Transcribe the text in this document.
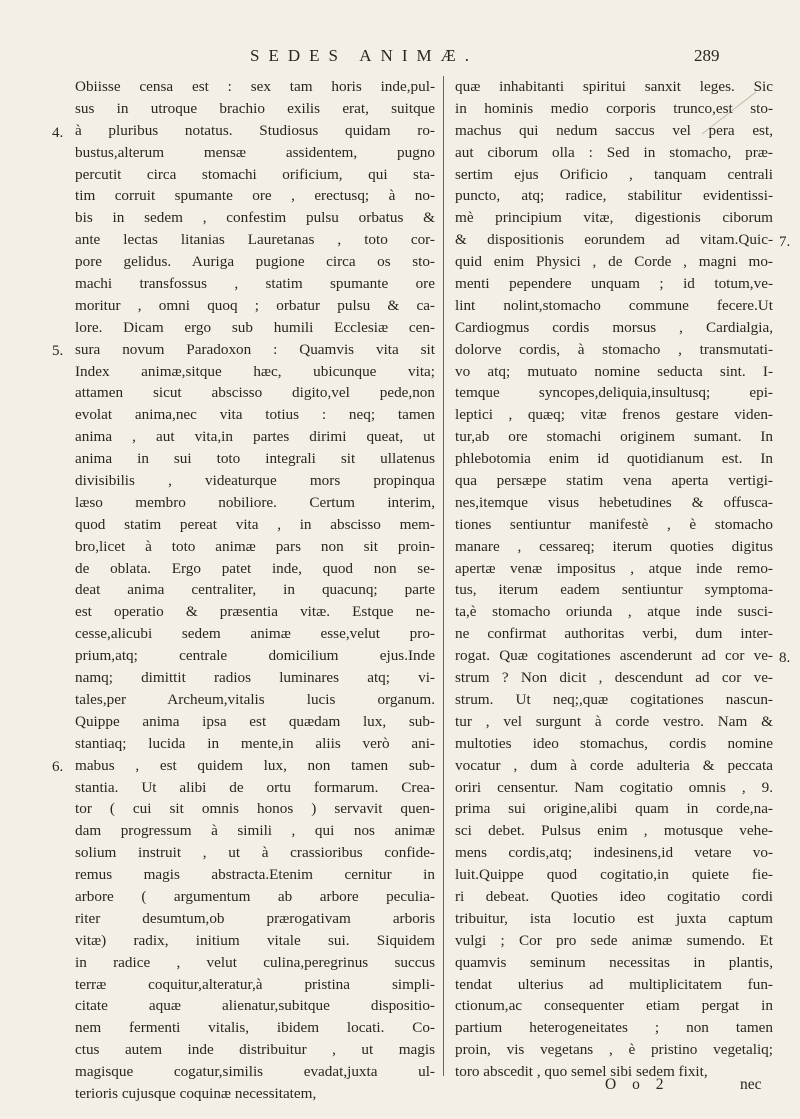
SEDES ANIMÆ.	289
Obiisse censa est : sex tam horis inde,pul-
sus in utroque brachio exilis erat, suitque
à pluribus notatus. Studiosus quidam ro-
bustus,alterum mensæ assidentem, pugno
percutit circa stomachi orificium, qui sta-
tim corruit spumante ore , erectusq; à no-
bis in sedem , confestim pulsu orbatus &
ante lectas litanias Lauretanas , toto cor-
pore gelidus. Auriga pugione circa os sto-
machi transfossus , statim spumante ore
moritur , omni quoq ; orbatur pulsu & ca-
lore. Dicam ergo sub humili Ecclesiæ cen-
sura novum Paradoxon : Quamvis vita sit
Index animæ,sitque hæc, ubicunque vita;
attamen sicut abscisso digito,vel pede,non
evolat anima,nec vita totius : neq; tamen
anima , aut vita,in partes dirimi queat, ut
anima in sui toto integrali sit ullatenus
divisibilis , videaturque mors propinqua
læso membro nobiliore. Certum interim,
quod statim pereat vita , in abscisso mem-
bro,licet à toto animæ pars non sit proin-
de oblata. Ergo patet inde, quod non se-
deat anima centraliter, in quacunq; parte
est operatio & præsentia vitæ. Estque ne-
cesse,alicubi sedem animæ esse,velut pro-
prium,atq; centrale domicilium ejus.Inde
namq; dimittit radios luminares atq; vi-
tales,per Archeum,vitalis lucis organum.
Quippe anima ipsa est quædam lux, sub-
stantiaq; lucida in mente,in aliis verò ani-
mabus , est quidem lux, non tamen sub-
stantia. Ut alibi de ortu formarum. Crea-
tor ( cui sit omnis honos ) servavit quen-
dam progressum à simili , qui nos animæ
solium instruit , ut à crassioribus confide-
remus magis abstracta.Etenim cernitur in
arbore ( argumentum ab arbore peculia-
riter desumtum,ob prærogativam arboris
vitæ) radix, initium vitale sui. Siquidem
in radice , velut culina,peregrinus succus
terræ coquitur,alteratur,à pristina simpli-
citate aquæ alienatur,subitque dispositio-
nem fermenti vitalis, ibidem locati. Co-
ctus autem inde distribuitur , ut magis
magisque cogatur,similis evadat,juxta ul-
terioris cujusque coquinæ necessitatem,
quæ inhabitanti spiritui sanxit leges. Sic
in hominis medio corporis trunco,est sto-
machus qui nedum saccus vel pera est,
aut ciborum olla : Sed in stomacho, præ-
sertim ejus Orificio , tanquam centrali
puncto, atq; radice, stabilitur evidentissi-
mè principium vitæ, digestionis ciborum
& dispositionis eorundem ad vitam.Quic-
quid enim Physici , de Corde , magni mo-
menti pependere unquam ; id totum,ve-
lint nolint,stomacho commune fecere.Ut
Cardiogmus cordis morsus , Cardialgia,
dolorve cordis, à stomacho , transmutati-
vo atq; mutuato nomine seducta sint. I-
temque syncopes,deliquia,insultusq; epi-
leptici , quæq; vitæ frenos gestare viden-
tur,ab ore stomachi originem sumant. In
phlebotomia enim id quotidianum est. In
qua persæpe statim vena aperta vertigi-
nes,itemque visus hebetudines & offusca-
tiones sentiuntur manifestè , è stomacho
manare , cessareq; iterum quoties digitus
apertæ venæ impositus , atque inde remo-
tus, iterum eadem sentiuntur symptoma-
ta,è stomacho oriunda , atque inde susci-
ne confirmat authoritas verbi, dum inter-
rogat. Quæ cogitationes ascenderunt ad cor ve-
strum ? Non dicit , descendunt ad cor ve-
strum. Ut neq;,quæ cogitationes nascun-
tur , vel surgunt à corde vestro. Nam &
multoties ideo stomachus, cordis nomine
vocatur , dum à corde adulteria & peccata
oriri censentur. Nam cogitatio omnis , 9.
prima sui origine,alibi quam in corde,na-
sci debet. Pulsus enim , motusque vehe-
mens cordis,atq; indesinens,id vetare vo-
luit.Quippe quod cogitatio,in quiete fie-
ri debeat. Quoties ideo cogitatio cordi
tribuitur, ista locutio est juxta captum
vulgi ; Cor pro sede animæ sumendo. Et
quamvis seminum necessitas in plantis,
tendat ulterius ad multiplicitatem fun-
ctionum,ac consequenter etiam pergat in
partium heterogeneitates ; non tamen
proin, vis vegetans , è pristino vegetaliq;
toro abscedit , quo semel sibi sedem fixit,
4.
5.
6.
7.
8.
O o 2	nec
